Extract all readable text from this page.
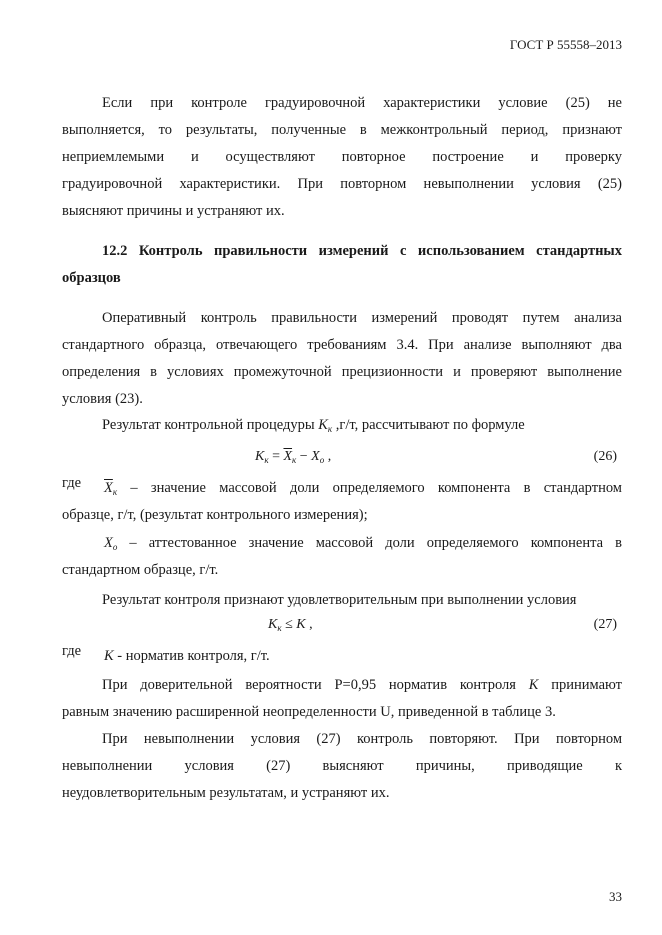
ГОСТ Р 55558–2013
Если при контроле градуировочной характеристики условие (25) не
выполняется, то результаты, полученные в межконтрольный период, признают
неприемлемыми и осуществляют повторное построение и проверку
градуировочной характеристики. При повторном невыполнении условия (25)
выясняют причины и устраняют их.
12.2 Контроль правильности измерений с использованием стандартных
образцов
Оперативный контроль правильности измерений проводят путем анализа
стандартного образца, отвечающего требованиям 3.4. При анализе выполняют два
определения в условиях промежуточной прецизионности и проверяют выполнение
условия (23).
Результат контрольной процедуры $K_к$ ,г/т, рассчитывают по формуле
$K_к = \overline{X}_к - X_о$ ,	(26)
где $\overline{X}_к$ – значение массовой доли определяемого компонента в стандартном
образце, г/т, (результат контрольного измерения);
$X_о$ – аттестованное значение массовой доли определяемого компонента в
стандартном образце, г/т.
Результат контроля признают удовлетворительным при выполнении условия
$K_к \le K$ ,	(27)
где K - норматив контроля, г/т.
При доверительной вероятности P=0,95 норматив контроля K принимают
равным значению расширенной неопределенности U, приведенной в таблице 3.
При невыполнении условия (27) контроль повторяют. При повторном
невыполнении условия (27) выясняют причины, приводящие к
неудовлетворительным результатам, и устраняют их.
33
